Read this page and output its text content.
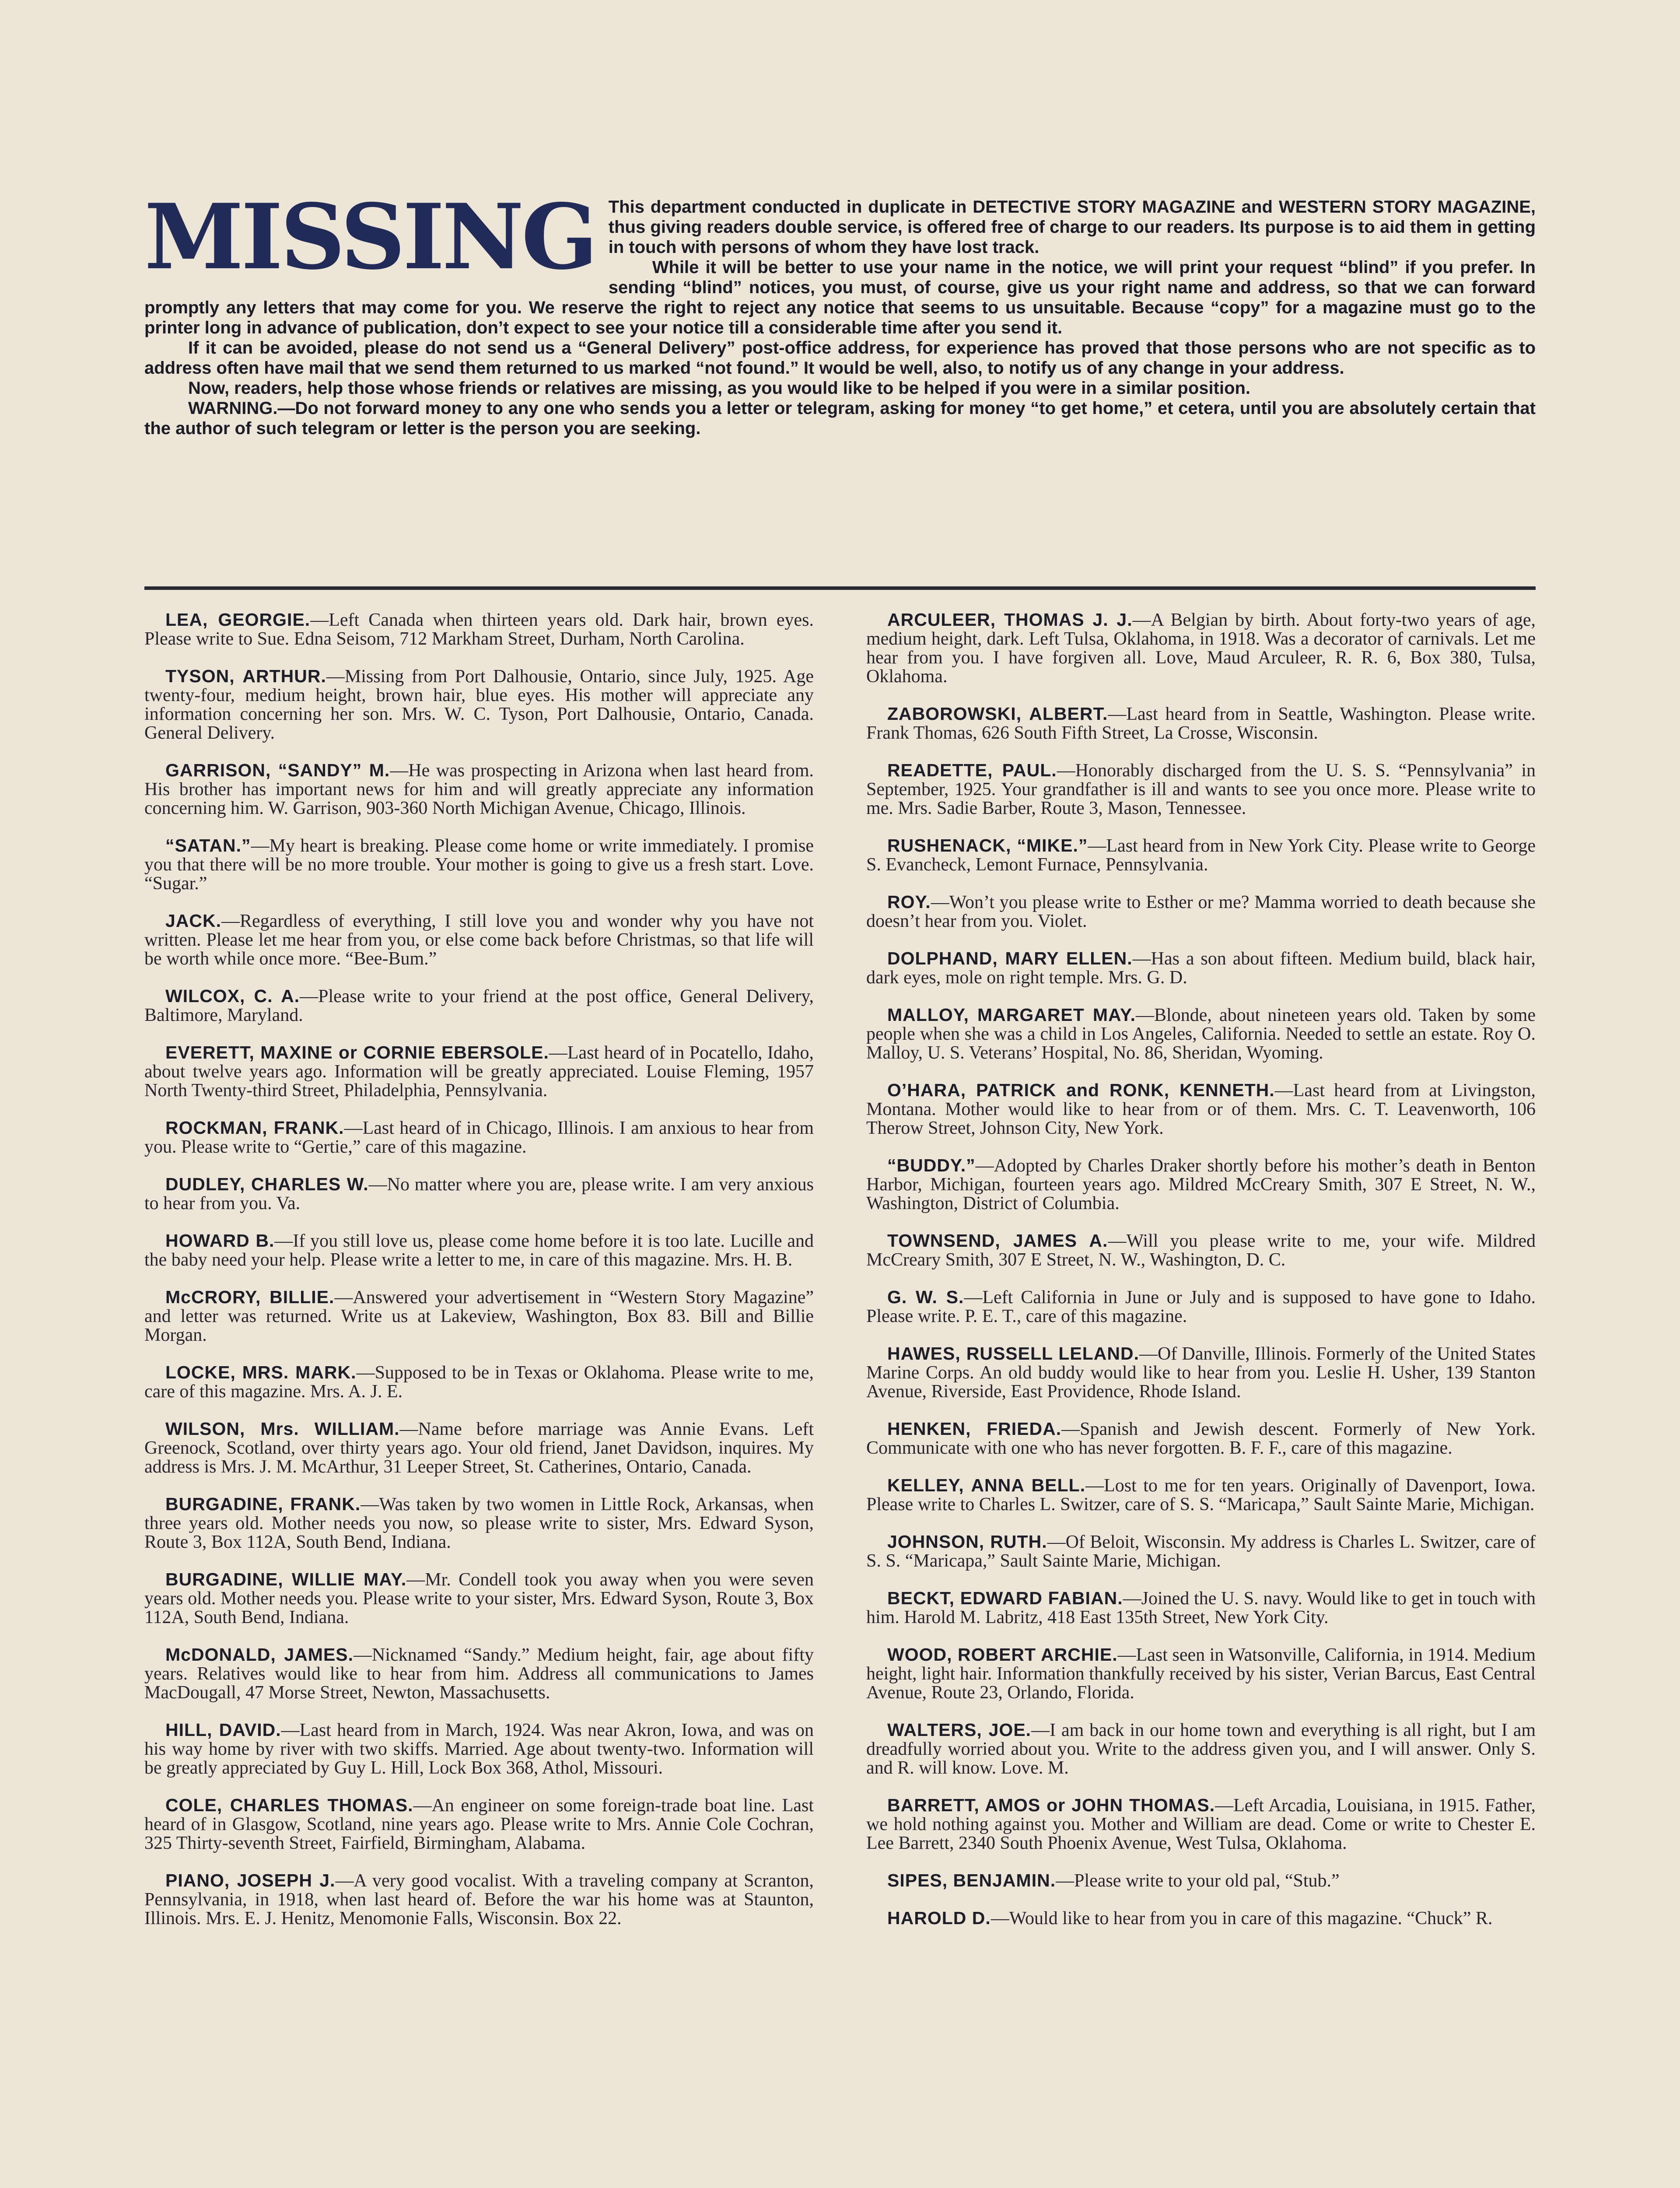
MISSING This department conducted in duplicate in DETECTIVE STORY MAGAZINE and WESTERN STORY MAGAZINE, thus giving readers double service, is offered free of charge to our readers. Its purpose is to aid them in getting in touch with persons of whom they have lost track.

While it will be better to use your name in the notice, we will print your request “blind” if you prefer. In sending “blind” notices, you must, of course, give us your right name and address, so that we can forward promptly any letters that may come for you. We reserve the right to reject any notice that seems to us unsuitable. Because “copy” for a magazine must go to the printer long in advance of publication, don’t expect to see your notice till a considerable time after you send it.

If it can be avoided, please do not send us a “General Delivery” post-office address, for experience has proved that those persons who are not specific as to address often have mail that we send them returned to us marked “not found.” It would be well, also, to notify us of any change in your address.

Now, readers, help those whose friends or relatives are missing, as you would like to be helped if you were in a similar position.

WARNING.—Do not forward money to any one who sends you a letter or telegram, asking for money “to get home,” et cetera, until you are absolutely certain that the author of such telegram or letter is the person you are seeking.

LEA, GEORGIE.—Left Canada when thirteen years old. Dark hair, brown eyes. Please write to Sue. Edna Seisom, 712 Markham Street, Durham, North Carolina.

TYSON, ARTHUR.—Missing from Port Dalhousie, Ontario, since July, 1925. Age twenty-four, medium height, brown hair, blue eyes. His mother will appreciate any information concerning her son. Mrs. W. C. Tyson, Port Dalhousie, Ontario, Canada. General Delivery.

GARRISON, “SANDY” M.—He was prospecting in Arizona when last heard from. His brother has important news for him and will greatly appreciate any information concerning him. W. Garrison, 903-360 North Michigan Avenue, Chicago, Illinois.

“SATAN.”—My heart is breaking. Please come home or write immediately. I promise you that there will be no more trouble. Your mother is going to give us a fresh start. Love. “Sugar.”

JACK.—Regardless of everything, I still love you and wonder why you have not written. Please let me hear from you, or else come back before Christmas, so that life will be worth while once more. “Bee-Bum.”

WILCOX, C. A.—Please write to your friend at the post office, General Delivery, Baltimore, Maryland.

EVERETT, MAXINE or CORNIE EBERSOLE.—Last heard of in Pocatello, Idaho, about twelve years ago. Information will be greatly appreciated. Louise Fleming, 1957 North Twenty-third Street, Philadelphia, Pennsylvania.

ROCKMAN, FRANK.—Last heard of in Chicago, Illinois. I am anxious to hear from you. Please write to “Gertie,” care of this magazine.

DUDLEY, CHARLES W.—No matter where you are, please write. I am very anxious to hear from you. Va.

HOWARD B.—If you still love us, please come home before it is too late. Lucille and the baby need your help. Please write a letter to me, in care of this magazine. Mrs. H. B.

McCRORY, BILLIE.—Answered your advertisement in “Western Story Magazine” and letter was returned. Write us at Lakeview, Washington, Box 83. Bill and Billie Morgan.

LOCKE, MRS. MARK.—Supposed to be in Texas or Oklahoma. Please write to me, care of this magazine. Mrs. A. J. E.

WILSON, Mrs. WILLIAM.—Name before marriage was Annie Evans. Left Greenock, Scotland, over thirty years ago. Your old friend, Janet Davidson, inquires. My address is Mrs. J. M. McArthur, 31 Leeper Street, St. Catherines, Ontario, Canada.

BURGADINE, FRANK.—Was taken by two women in Little Rock, Arkansas, when three years old. Mother needs you now, so please write to sister, Mrs. Edward Syson, Route 3, Box 112A, South Bend, Indiana.

BURGADINE, WILLIE MAY.—Mr. Condell took you away when you were seven years old. Mother needs you. Please write to your sister, Mrs. Edward Syson, Route 3, Box 112A, South Bend, Indiana.

McDONALD, JAMES.—Nicknamed “Sandy.” Medium height, fair, age about fifty years. Relatives would like to hear from him. Address all communications to James MacDougall, 47 Morse Street, Newton, Massachusetts.

HILL, DAVID.—Last heard from in March, 1924. Was near Akron, Iowa, and was on his way home by river with two skiffs. Married. Age about twenty-two. Information will be greatly appreciated by Guy L. Hill, Lock Box 368, Athol, Missouri.

COLE, CHARLES THOMAS.—An engineer on some foreign-trade boat line. Last heard of in Glasgow, Scotland, nine years ago. Please write to Mrs. Annie Cole Cochran, 325 Thirty-seventh Street, Fairfield, Birmingham, Alabama.

PIANO, JOSEPH J.—A very good vocalist. With a traveling company at Scranton, Pennsylvania, in 1918, when last heard of. Before the war his home was at Staunton, Illinois. Mrs. E. J. Henitz, Menomonie Falls, Wisconsin. Box 22.

ARCULEER, THOMAS J. J.—A Belgian by birth. About forty-two years of age, medium height, dark. Left Tulsa, Oklahoma, in 1918. Was a decorator of carnivals. Let me hear from you. I have forgiven all. Love, Maud Arculeer, R. R. 6, Box 380, Tulsa, Oklahoma.

ZABOROWSKI, ALBERT.—Last heard from in Seattle, Washington. Please write. Frank Thomas, 626 South Fifth Street, La Crosse, Wisconsin.

READETTE, PAUL.—Honorably discharged from the U. S. S. “Pennsylvania” in September, 1925. Your grandfather is ill and wants to see you once more. Please write to me. Mrs. Sadie Barber, Route 3, Mason, Tennessee.

RUSHENACK, “MIKE.”—Last heard from in New York City. Please write to George S. Evancheck, Lemont Furnace, Pennsylvania.

ROY.—Won’t you please write to Esther or me? Mamma worried to death because she doesn’t hear from you. Violet.

DOLPHAND, MARY ELLEN.—Has a son about fifteen. Medium build, black hair, dark eyes, mole on right temple. Mrs. G. D.

MALLOY, MARGARET MAY.—Blonde, about nineteen years old. Taken by some people when she was a child in Los Angeles, California. Needed to settle an estate. Roy O. Malloy, U. S. Veterans’ Hospital, No. 86, Sheridan, Wyoming.

O’HARA, PATRICK and RONK, KENNETH.—Last heard from at Livingston, Montana. Mother would like to hear from or of them. Mrs. C. T. Leavenworth, 106 Therow Street, Johnson City, New York.

“BUDDY.”—Adopted by Charles Draker shortly before his mother’s death in Benton Harbor, Michigan, fourteen years ago. Mildred McCreary Smith, 307 E Street, N. W., Washington, District of Columbia.

TOWNSEND, JAMES A.—Will you please write to me, your wife. Mildred McCreary Smith, 307 E Street, N. W., Washington, D. C.

G. W. S.—Left California in June or July and is supposed to have gone to Idaho. Please write. P. E. T., care of this magazine.

HAWES, RUSSELL LELAND.—Of Danville, Illinois. Formerly of the United States Marine Corps. An old buddy would like to hear from you. Leslie H. Usher, 139 Stanton Avenue, Riverside, East Providence, Rhode Island.

HENKEN, FRIEDA.—Spanish and Jewish descent. Formerly of New York. Communicate with one who has never forgotten. B. F. F., care of this magazine.

KELLEY, ANNA BELL.—Lost to me for ten years. Originally of Davenport, Iowa. Please write to Charles L. Switzer, care of S. S. “Maricapa,” Sault Sainte Marie, Michigan.

JOHNSON, RUTH.—Of Beloit, Wisconsin. My address is Charles L. Switzer, care of S. S. “Maricapa,” Sault Sainte Marie, Michigan.

BECKT, EDWARD FABIAN.—Joined the U. S. navy. Would like to get in touch with him. Harold M. Labritz, 418 East 135th Street, New York City.

WOOD, ROBERT ARCHIE.—Last seen in Watsonville, California, in 1914. Medium height, light hair. Information thankfully received by his sister, Verian Barcus, East Central Avenue, Route 23, Orlando, Florida.

WALTERS, JOE.—I am back in our home town and everything is all right, but I am dreadfully worried about you. Write to the address given you, and I will answer. Only S. and R. will know. Love. M.

BARRETT, AMOS or JOHN THOMAS.—Left Arcadia, Louisiana, in 1915. Father, we hold nothing against you. Mother and William are dead. Come or write to Chester E. Lee Barrett, 2340 South Phoenix Avenue, West Tulsa, Oklahoma.

SIPES, BENJAMIN.—Please write to your old pal, “Stub.”

HAROLD D.—Would like to hear from you in care of this magazine. “Chuck” R.
